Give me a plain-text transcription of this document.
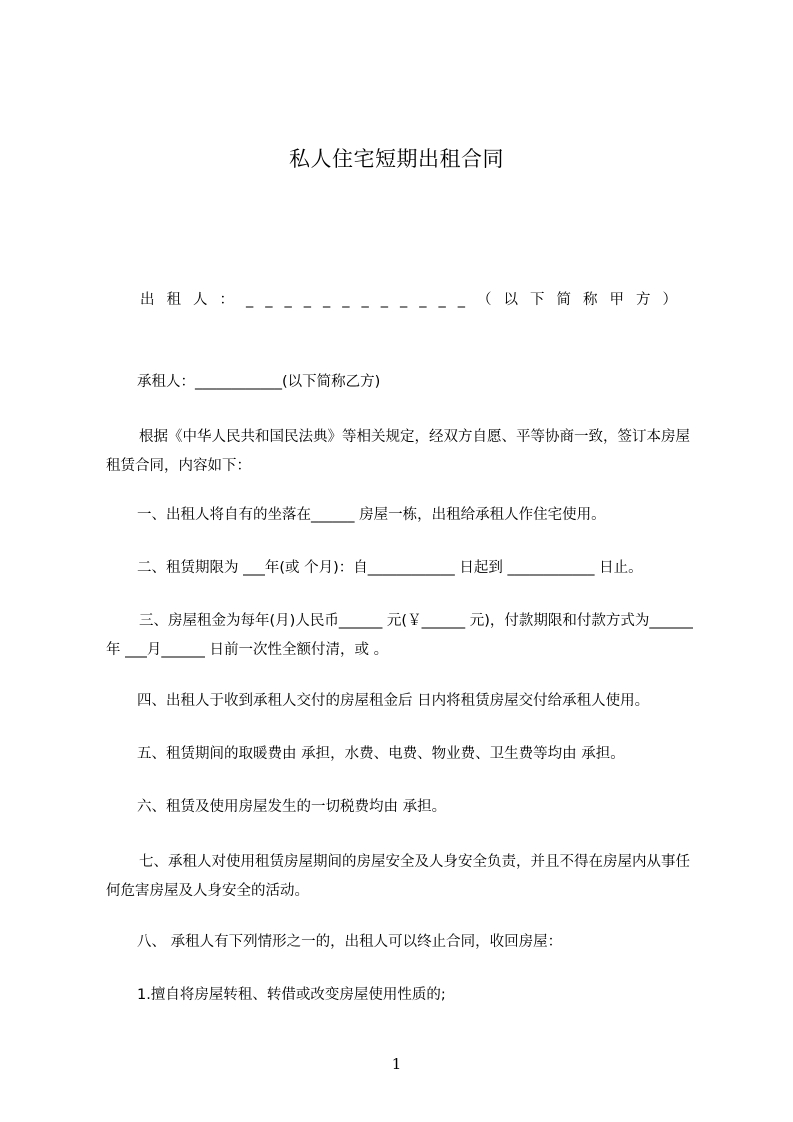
私人住宅短期出租合同
出租人：____________（以下简称甲方）
承租人：____________(以下简称乙方)
根据《中华人民共和国民法典》等相关规定，经双方自愿、平等协商一致，签订本房屋租赁合同，内容如下：
一、出租人将自有的坐落在______ 房屋一栋，出租给承租人作住宅使用。
二、租赁期限为 ___年(或 个月)：自____________ 日起到 ____________ 日止。
三、房屋租金为每年(月)人民币______ 元(￥______ 元)，付款期限和付款方式为______ 年 ___月______ 日前一次性全额付清，或 。
四、出租人于收到承租人交付的房屋租金后 日内将租赁房屋交付给承租人使用。
五、租赁期间的取暖费由 承担，水费、电费、物业费、卫生费等均由 承担。
六、租赁及使用房屋发生的一切税费均由 承担。
七、承租人对使用租赁房屋期间的房屋安全及人身安全负责，并且不得在房屋内从事任何危害房屋及人身安全的活动。
八、 承租人有下列情形之一的，出租人可以终止合同，收回房屋：
1.擅自将房屋转租、转借或改变房屋使用性质的;
1
